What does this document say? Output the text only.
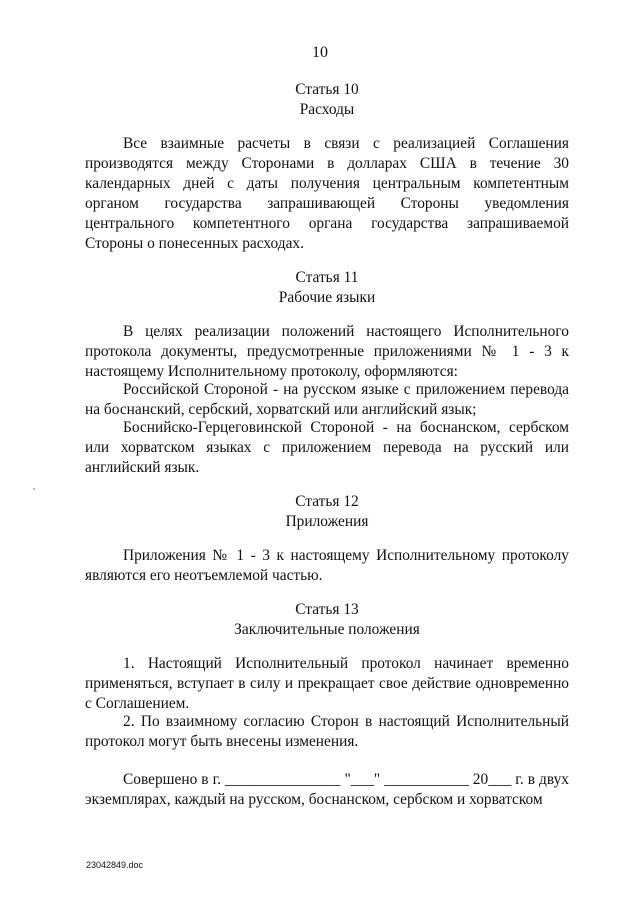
10
Статья 10
Расходы
Все взаимные расчеты в связи с реализацией Соглашения производятся между Сторонами в долларах США в течение 30 календарных дней с даты получения центральным компетентным органом государства запрашивающей Стороны уведомления центрального компетентного органа государства запрашиваемой Стороны о понесенных расходах.
Статья 11
Рабочие языки
В целях реализации положений настоящего Исполнительного протокола документы, предусмотренные приложениями № 1 - 3 к настоящему Исполнительному протоколу, оформляются:
Российской Стороной - на русском языке с приложением перевода на боснанский, сербский, хорватский или английский язык;
Боснийско-Герцеговинской Стороной - на боснанском, сербском или хорватском языках с приложением перевода на русский или английский язык.
Статья 12
Приложения
Приложения № 1 - 3 к настоящему Исполнительному протоколу являются его неотъемлемой частью.
Статья 13
Заключительные положения
1. Настоящий Исполнительный протокол начинает временно применяться, вступает в силу и прекращает свое действие одновременно с Соглашением.
2. По взаимному согласию Сторон в настоящий Исполнительный протокол могут быть внесены изменения.
Совершено в г. _______________ "___" ___________ 20___ г. в двух экземплярах, каждый на русском, боснанском, сербском и хорватском
23042849.doc
